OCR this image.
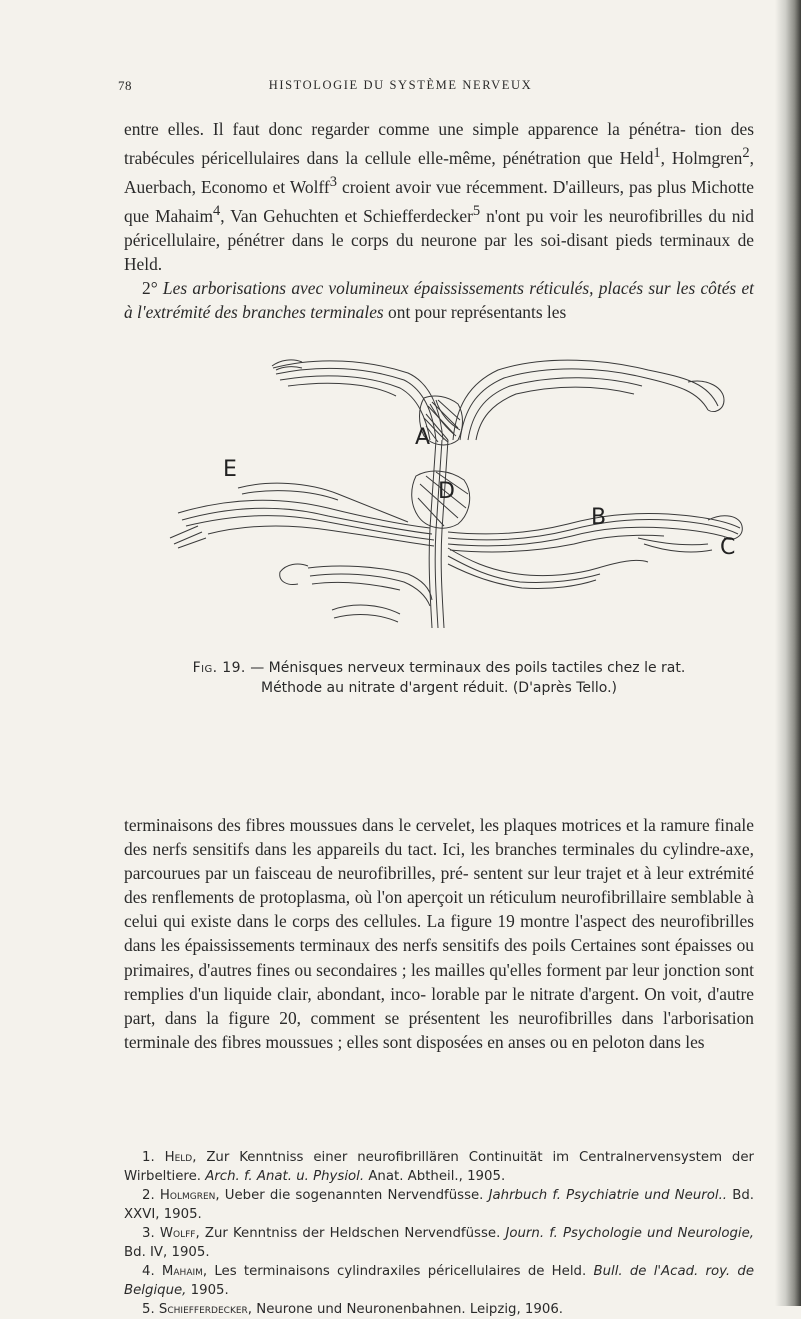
78	HISTOLOGIE DU SYSTÈME NERVEUX

entre elles. Il faut donc regarder comme une simple apparence la pénétra- tion des trabécules péricellulaires dans la cellule elle-même, pénétration que Held$^1$, Holmgren$^2$, Auerbach, Economo et Wolff$^3$ croient avoir vue récemment. D'ailleurs, pas plus Michotte que Mahaim$^4$, Van Gehuchten et Schiefferdecker$^5$ n'ont pu voir les neurofibrilles du nid péricellulaire, pénétrer dans le corps du neurone par les soi-disant pieds terminaux de Held.
2° Les arborisations avec volumineux épaississements réticulés, placés sur les côtés et à l'extrémité des branches terminales ont pour représentants les

A
E
D
B
C
Fig. 19. — Ménisques nerveux terminaux des poils tactiles chez le rat.
Méthode au nitrate d'argent réduit. (D'après Tello.)

terminaisons des fibres moussues dans le cervelet, les plaques motrices et la ramure finale des nerfs sensitifs dans les appareils du tact. Ici, les branches terminales du cylindre-axe, parcourues par un faisceau de neurofibrilles, pré- sentent sur leur trajet et à leur extrémité des renflements de protoplasma, où l'on aperçoit un réticulum neurofibrillaire semblable à celui qui existe dans le corps des cellules. La figure 19 montre l'aspect des neurofibrilles dans les épaississements terminaux des nerfs sensitifs des poils Certaines sont épaisses ou primaires, d'autres fines ou secondaires ; les mailles qu'elles forment par leur jonction sont remplies d'un liquide clair, abondant, inco- lorable par le nitrate d'argent. On voit, d'autre part, dans la figure 20, comment se présentent les neurofibrilles dans l'arborisation terminale des fibres moussues ; elles sont disposées en anses ou en peloton dans les

1. Held, Zur Kenntniss einer neurofibrillären Continuität im Centralnervensystem der Wirbeltiere. Arch. f. Anat. u. Physiol. Anat. Abtheil., 1905.

2. Holmgren, Ueber die sogenannten Nervendfüsse. Jahrbuch f. Psychiatrie und Neurol.. Bd. XXVI, 1905.

3. Wolff, Zur Kenntniss der Heldschen Nervendfüsse. Journ. f. Psychologie und Neurologie, Bd. IV, 1905.

4. Mahaim, Les terminaisons cylindraxiles péricellulaires de Held. Bull. de l'Acad. roy. de Belgique, 1905.

5. Schiefferdecker, Neurone und Neuronenbahnen. Leipzig, 1906.
